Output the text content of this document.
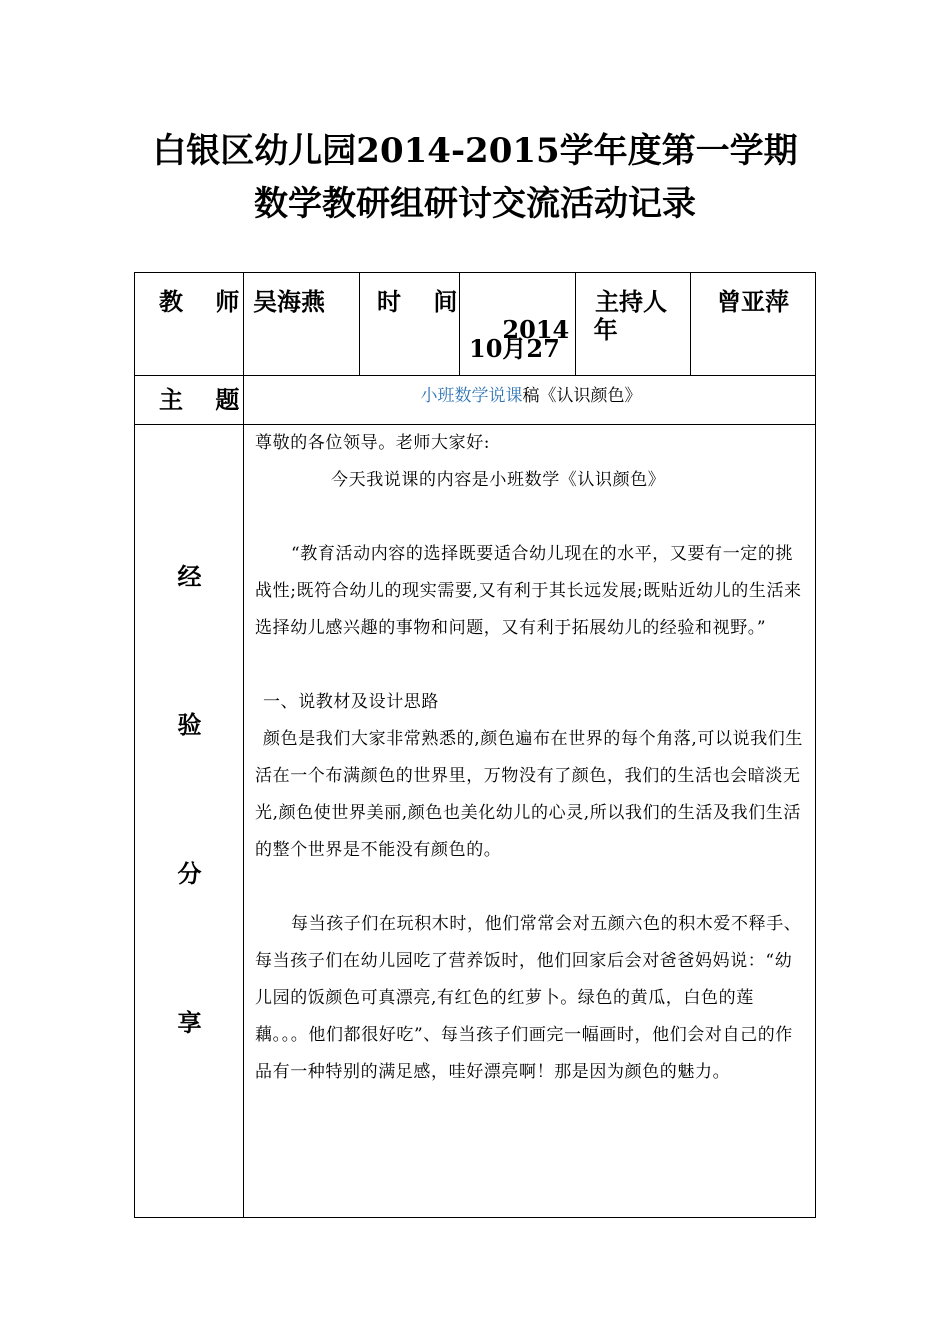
白银区幼儿园2014-2015学年度第一学期
数学教研组研讨交流活动记录
教 师 吴海燕 时 间

2014 年

10月27
主持人 曾亚萍
主 题	小班数学说课稿《认识颜色》
经
验
分
享

尊敬的各位领导。老师大家好:

今天我说课的内容是小班数学《认识颜色》

“教育活动内容的选择既要适合幼儿现在的水平，又要有一定的挑战性;既符合幼儿的现实需要,又有利于其长远发展;既贴近幼儿的生活来选择幼儿感兴趣的事物和问题，又有利于拓展幼儿的经验和视野。”

一、说教材及设计思路

颜色是我们大家非常熟悉的,颜色遍布在世界的每个角落,可以说我们生活在一个布满颜色的世界里，万物没有了颜色，我们的生活也会暗淡无光,颜色使世界美丽,颜色也美化幼儿的心灵,所以我们的生活及我们生活的整个世界是不能没有颜色的。

每当孩子们在玩积木时，他们常常会对五颜六色的积木爱不释手、每当孩子们在幼儿园吃了营养饭时，他们回家后会对爸爸妈妈说：“幼儿园的饭颜色可真漂亮,有红色的红萝卜。绿色的黄瓜，白色的莲藕。。。他们都很好吃”、每当孩子们画完一幅画时，他们会对自己的作品有一种特别的满足感，哇好漂亮啊！那是因为颜色的魅力。
